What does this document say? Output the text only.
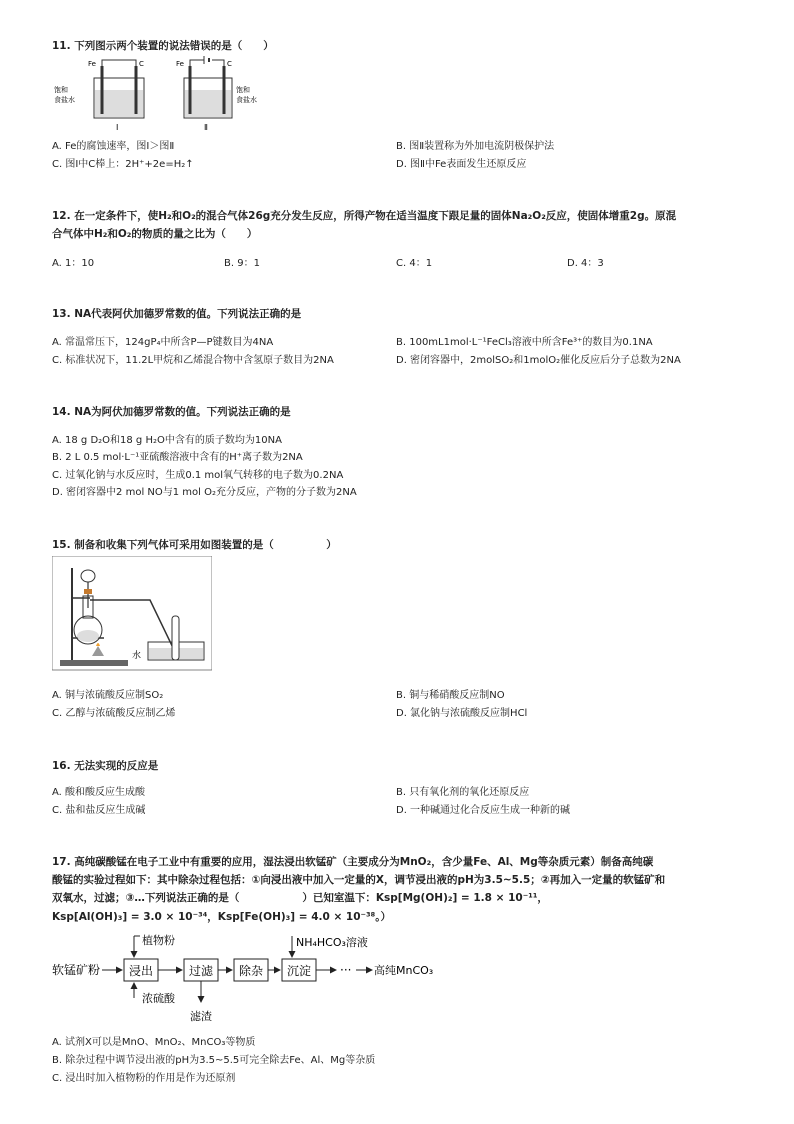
11. 下列图示两个装置的说法错误的是（　　）
Fe	C
饱和
食盐水
Ⅰ
Fe	C
饱和
食盐水
Ⅱ
A. Fe的腐蚀速率，图Ⅰ＞图Ⅱ	B. 图Ⅱ装置称为外加电流阴极保护法
C. 图Ⅰ中C棒上：2H⁺+2e=H₂↑	D. 图Ⅱ中Fe表面发生还原反应
12. 在一定条件下，使H₂和O₂的混合气体26g充分发生反应，所得产物在适当温度下跟足量的固体Na₂O₂反应，使固体增重2g。原混
合气体中H₂和O₂的物质的量之比为（　　）
A. 1：10	B. 9：1	C. 4：1	D. 4：3
13. NA代表阿伏加德罗常数的值。下列说法正确的是
A. 常温常压下，124gP₄中所含P—P键数目为4NA	B. 100mL1mol·L⁻¹FeCl₃溶液中所含Fe³⁺的数目为0.1NA
C. 标准状况下，11.2L甲烷和乙烯混合物中含氢原子数目为2NA	D. 密闭容器中，2molSO₂和1molO₂催化反应后分子总数为2NA
14. NA为阿伏加德罗常数的值。下列说法正确的是
A. 18 g D₂O和18 g H₂O中含有的质子数均为10NA
B. 2 L 0.5 mol·L⁻¹亚硫酸溶液中含有的H⁺离子数为2NA
C. 过氧化钠与水反应时，生成0.1 mol氧气转移的电子数为0.2NA
D. 密闭容器中2 mol NO与1 mol O₂充分反应，产物的分子数为2NA
15. 制备和收集下列气体可采用如图装置的是（　　　　　）
水
A. 铜与浓硫酸反应制SO₂	B. 铜与稀硝酸反应制NO
C. 乙醇与浓硫酸反应制乙烯	D. 氯化钠与浓硫酸反应制HCl
16. 无法实现的反应是
A. 酸和酸反应生成酸	B. 只有氧化剂的氧化还原反应
C. 盐和盐反应生成碱	D. 一种碱通过化合反应生成一种新的碱
17. 高纯碳酸锰在电子工业中有重要的应用，湿法浸出软锰矿（主要成分为MnO₂，含少量Fe、Al、Mg等杂质元素）制备高纯碳
酸锰的实验过程如下：其中除杂过程包括：①向浸出液中加入一定量的X，调节浸出液的pH为3.5~5.5；②再加入一定量的软锰矿和
双氧水，过滤；③…下列说法正确的是（　　　　　　）已知室温下：Ksp[Mg(OH)₂] = 1.8 × 10⁻¹¹，
Ksp[Al(OH)₃] = 3.0 × 10⁻³⁴，Ksp[Fe(OH)₃] = 4.0 × 10⁻³⁸。）
软锰矿粉 浸出	过滤 除杂 沉淀 ··· 高纯MnCO₃
植物粉
浓硫酸
滤渣
NH₄HCO₃溶液
A. 试剂X可以是MnO、MnO₂、MnCO₃等物质
B. 除杂过程中调节浸出液的pH为3.5~5.5可完全除去Fe、Al、Mg等杂质
C. 浸出时加入植物粉的作用是作为还原剂
